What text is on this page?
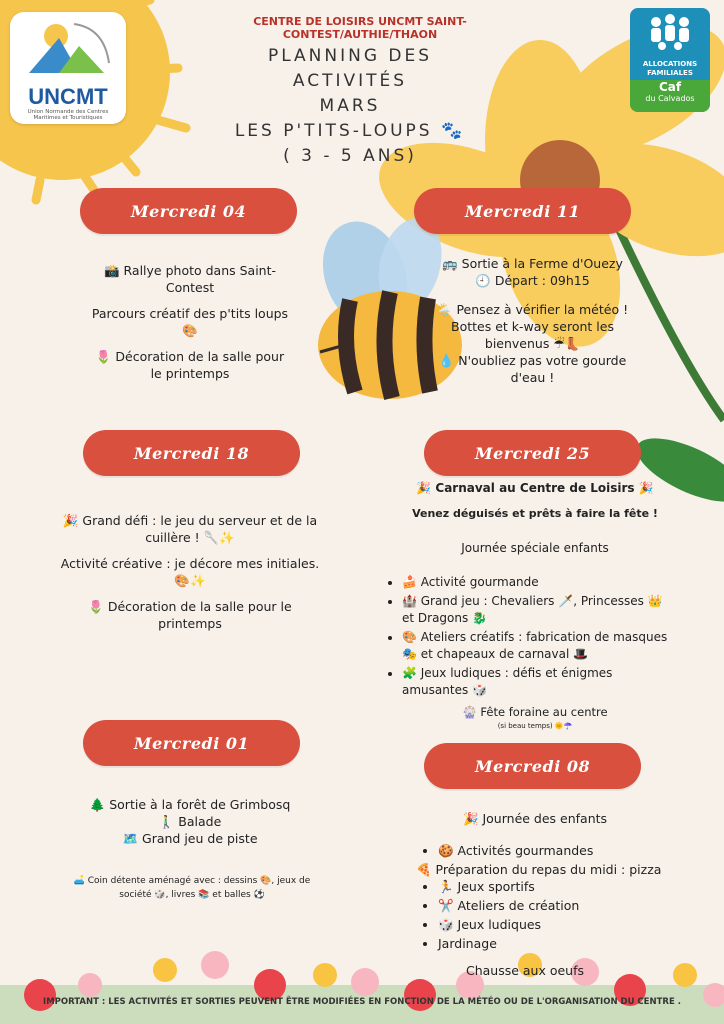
UNCMT
Union Normande des Centres Maritimes et Touristiques
ALLOCATIONS
FAMILIALES
Caf
du Calvados
CENTRE DE LOISIRS UNCMT SAINT-CONTEST/AUTHIE/THAON
PLANNING DES
ACTIVITÉS
MARS
LES P'TITS-LOUPS 🐾
( 3 - 5 ANS)
Mercredi 04

📸 Rallye photo dans Saint-Contest

Parcours créatif des p'tits loups 🎨

🌷 Décoration de la salle pour le printemps

Mercredi 11
🚌 Sortie à la Ferme d'Ouezy

🕘 Départ : 09h15

🌦️ Pensez à vérifier la météo ! Bottes et k-way seront les bienvenus ☔👢
💧 N'oubliez pas votre gourde d'eau !
Mercredi 18

🎉 Grand défi : le jeu du serveur et de la cuillère ! 🥄✨

Activité créative : je décore mes initiales. 🎨✨

🌷 Décoration de la salle pour le printemps

Mercredi 25
🎉 Carnaval au Centre de Loisirs 🎉
Venez déguisés et prêts à faire la fête !
Journée spéciale enfants
• 🍰 Activité gourmande
• 🏰 Grand jeu : Chevaliers 🗡️, Princesses 👑 et Dragons 🐉
• 🎨 Ateliers créatifs : fabrication de masques 🎭 et chapeaux de carnaval 🎩
• 🧩 Jeux ludiques : défis et énigmes amusantes 🎲
🎡 Fête foraine au centre
(si beau temps) 🌞☂️
Mercredi 01
🌲 Sortie à la forêt de Grimbosq
🚶‍♂️ Balade
🗺️ Grand jeu de piste
🛋️ Coin détente aménagé avec : dessins 🎨, jeux de société 🎲, livres 📚 et balles ⚽
Mercredi 08
🎉 Journée des enfants
• 🍪 Activités gourmandes
🍕 Préparation du repas du midi : pizza
• 🏃 Jeux sportifs
• ✂️ Ateliers de création
• 🎲 Jeux ludiques
• Jardinage
Chausse aux oeufs
IMPORTANT : LES ACTIVITÉS ET SORTIES PEUVENT ÊTRE MODIFIÉES EN FONCTION DE LA MÉTÉO OU DE L'ORGANISATION DU CENTRE .
